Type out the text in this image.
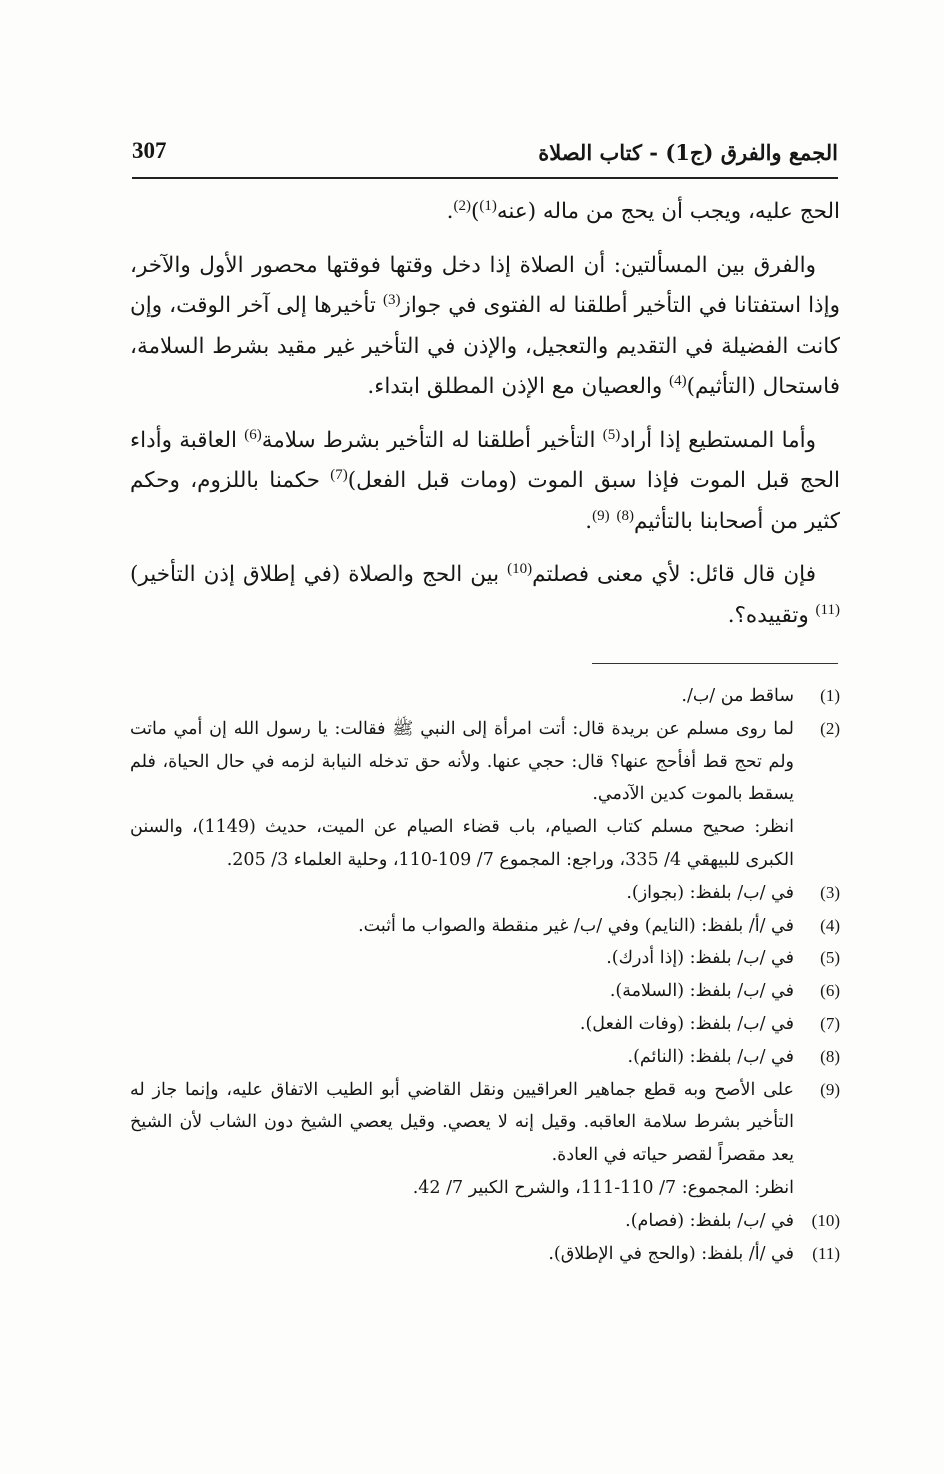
307	الجمع والفرق (ج1) - كتاب الصلاة

الحج عليه، ويجب أن يحج من ماله (عنه$^{(1)}$)$^{(2)}$.

والفرق بين المسألتين: أن الصلاة إذا دخل وقتها فوقتها محصور الأول والآخر، وإذا استفتانا في التأخير أطلقنا له الفتوى في جواز$^{(3)}$ تأخيرها إلى آخر الوقت، وإن كانت الفضيلة في التقديم والتعجيل، والإذن في التأخير غير مقيد بشرط السلامة، فاستحال (التأثيم)$^{(4)}$ والعصيان مع الإذن المطلق ابتداء.

وأما المستطيع إذا أراد$^{(5)}$ التأخير أطلقنا له التأخير بشرط سلامة$^{(6)}$ العاقبة وأداء الحج قبل الموت فإذا سبق الموت (ومات قبل الفعل)$^{(7)}$ حكمنا باللزوم، وحكم كثير من أصحابنا بالتأثيم$^{(8)}$ $^{(9)}$.

فإن قال قائل: لأي معنى فصلتم$^{(10)}$ بين الحج والصلاة (في إطلاق إذن التأخير)$^{(11)}$ وتقييده؟.

(1)
ساقط من /ب/.
(2)
لما روى مسلم عن بريدة قال: أتت امرأة إلى النبي ﷺ فقالت: يا رسول الله إن أمي ماتت ولم تحج قط أفأحج عنها؟ قال: حجي عنها. ولأنه حق تدخله النيابة لزمه في حال الحياة، فلم يسقط بالموت كدين الآدمي.
انظر: صحيح مسلم كتاب الصيام، باب قضاء الصيام عن الميت، حديث (1149)، والسنن الكبرى للبيهقي 4/ 335، وراجع: المجموع 7/ 109-110، وحلية العلماء 3/ 205.
(3)
في /ب/ بلفظ: (بجواز).
(4)
في /أ/ بلفظ: (النايم) وفي /ب/ غير منقطة والصواب ما أثبت.
(5)
في /ب/ بلفظ: (إذا أدرك).
(6)
في /ب/ بلفظ: (السلامة).
(7)
في /ب/ بلفظ: (وفات الفعل).
(8)
في /ب/ بلفظ: (النائم).
(9)
على الأصح وبه قطع جماهير العراقيين ونقل القاضي أبو الطيب الاتفاق عليه، وإنما جاز له التأخير بشرط سلامة العاقبه. وقيل إنه لا يعصي. وقيل يعصي الشيخ دون الشاب لأن الشيخ يعد مقصراً لقصر حياته في العادة.
انظر: المجموع: 7/ 110-111، والشرح الكبير 7/ 42.
(10)
في /ب/ بلفظ: (فصام).
(11)
في /أ/ بلفظ: (والحج في الإطلاق).
